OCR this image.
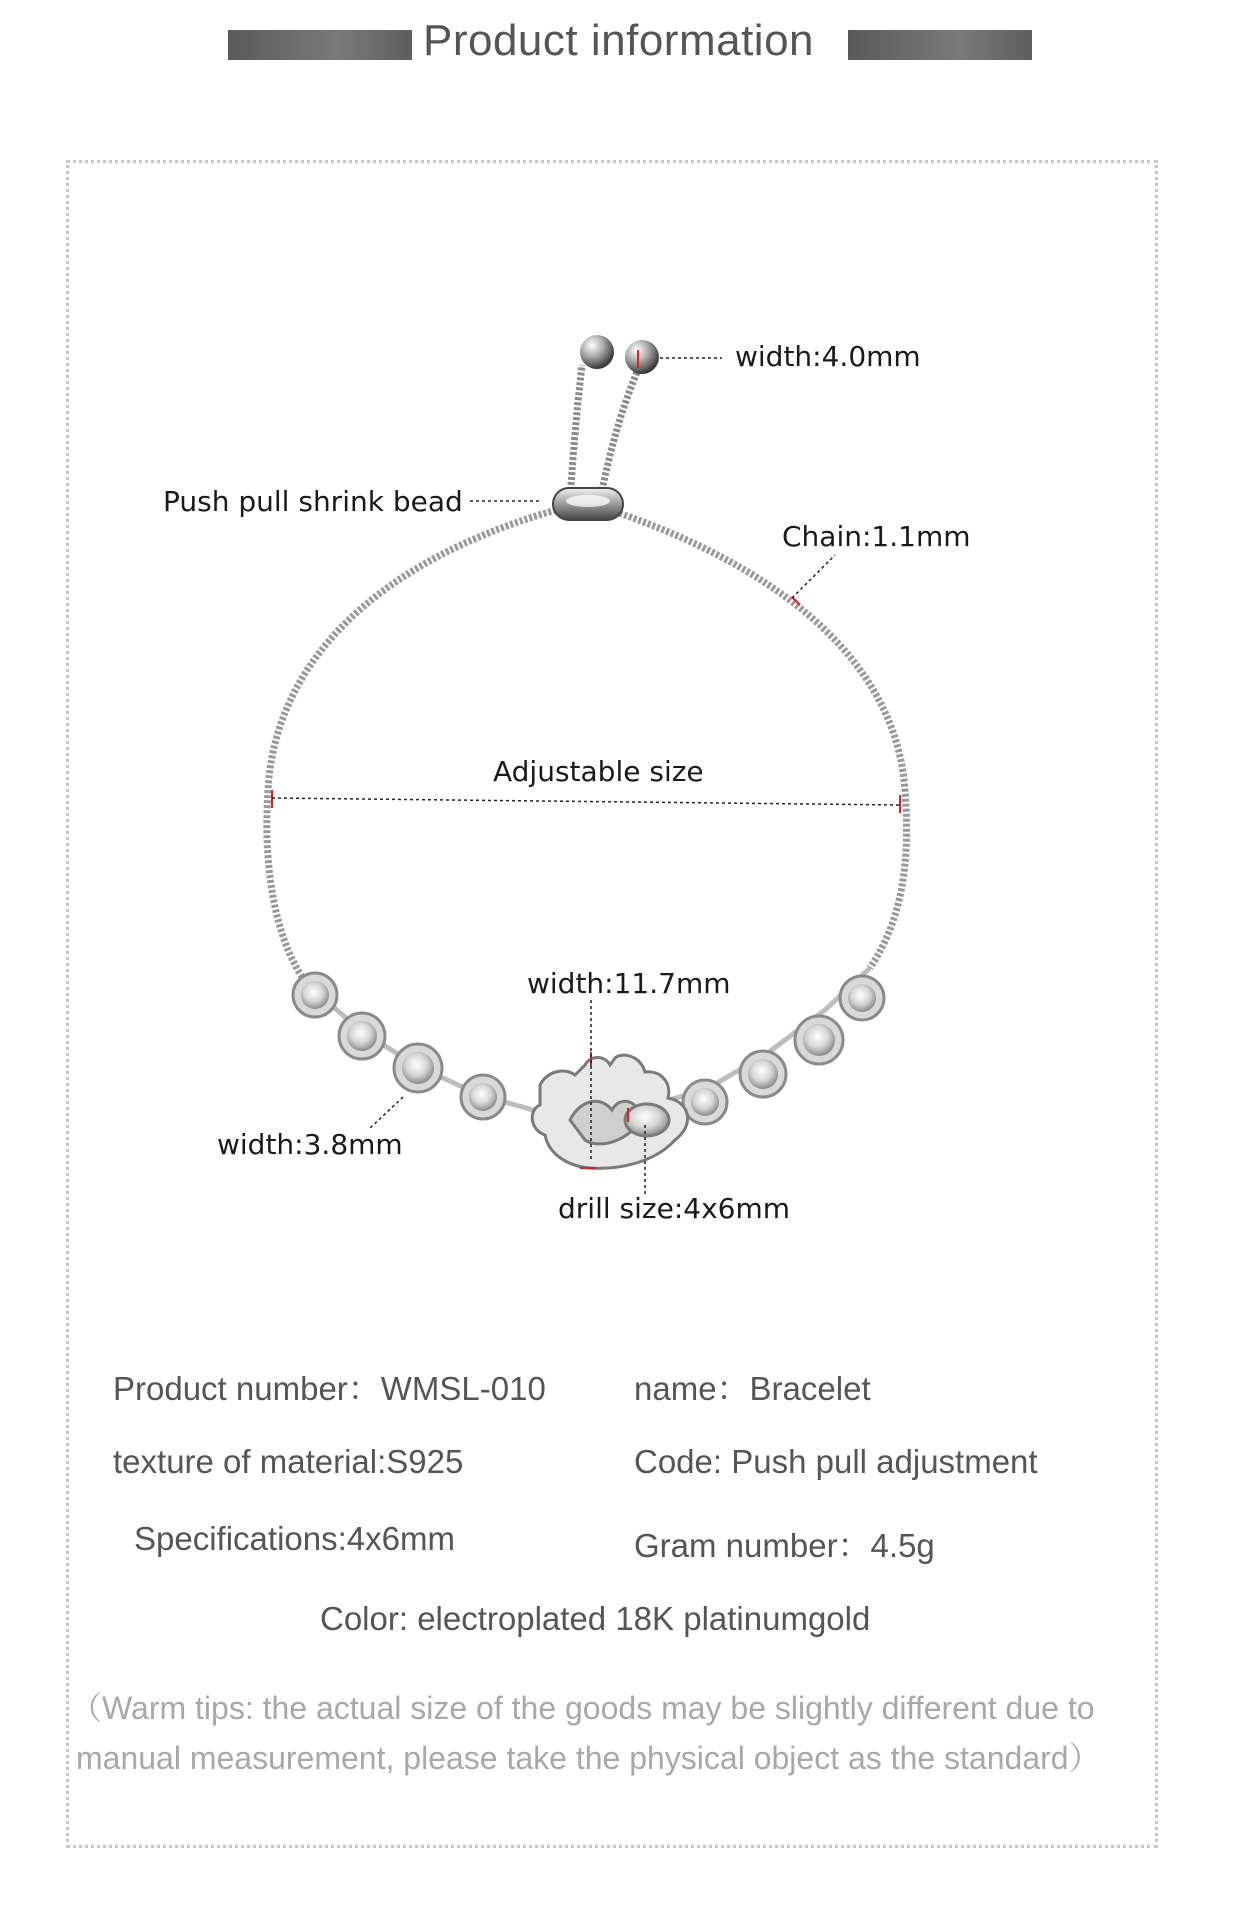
Product information
width:4.0mm
Push pull shrink bead
Chain:1.1mm
Adjustable size
width:11.7mm
width:3.8mm
drill size:4x6mm
Product number：WMSL-010	name：Bracelet
texture of material:S925	Code: Push pull adjustment
Specifications:4x6mm	Gram number：4.5g
Color: electroplated 18K platinumgold
（Warm tips: the actual size of the goods may be slightly different due to
manual measurement, please take the physical object as the standard）
